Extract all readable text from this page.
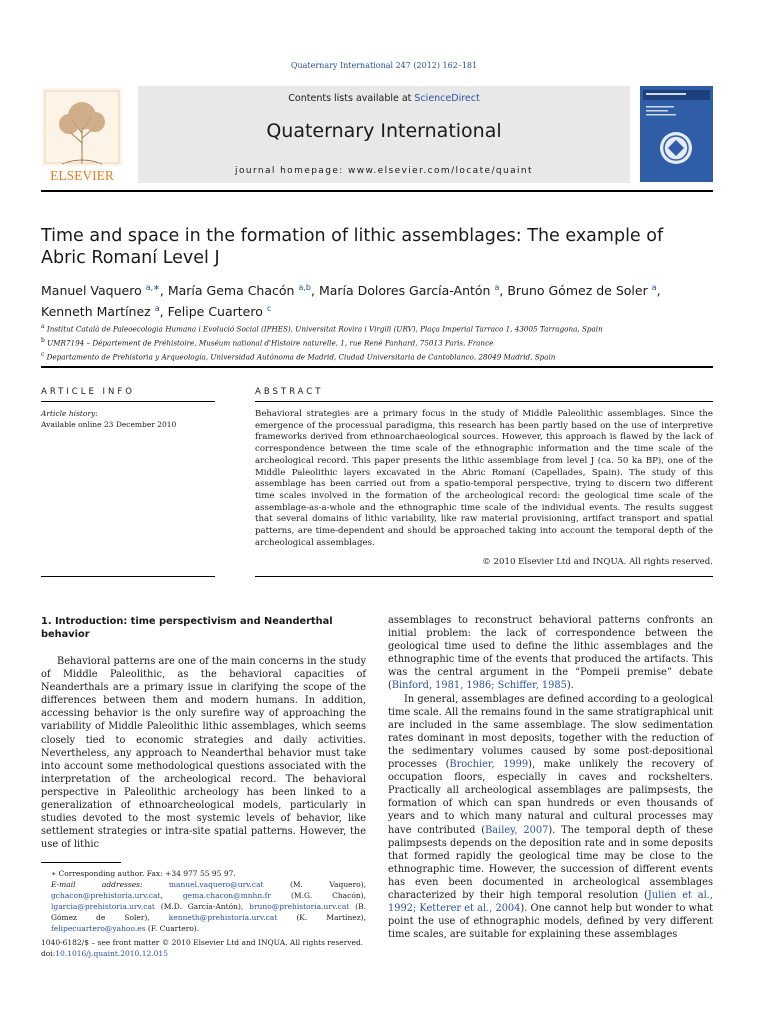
Quaternary International 247 (2012) 162–181
Contents lists available at ScienceDirect
Quaternary International
journal homepage: www.elsevier.com/locate/quaint
ELSEVIER
Time and space in the formation of lithic assemblages: The example of Abric Romaní Level J
Manuel Vaquero $^{a,∗}$, María Gema Chacón $^{a,b}$, María Dolores García-Antón $^a$, Bruno Gómez de Soler $^a$,
Kenneth Martínez $^a$, Felipe Cuartero $^c$
$^a$ Institut Català de Paleoecologia Humana i Evolució Social (IPHES), Universitat Rovira i Virgili (URV), Plaça Imperial Tarraco 1, 43005 Tarragona, Spain
$^b$ UMR7194 – Département de Préhistoire, Muséum national d'Histoire naturelle, 1, rue René Panhard, 75013 Paris, France
$^c$ Departamento de Prehistoria y Arqueología, Universidad Autónoma de Madrid, Ciudad Universitaria de Cantoblanco, 28049 Madrid, Spain
ARTICLE INFO	ABSTRACT
Article history:
Available online 23 December 2010
Behavioral strategies are a primary focus in the study of Middle Paleolithic assemblages. Since the emergence of the processual paradigma, this research has been partly based on the use of interpretive frameworks derived from ethnoarchaeological sources. However, this approach is flawed by the lack of correspondence between the time scale of the ethnographic information and the time scale of the archeological record. This paper presents the lithic assemblage from level J (ca. 50 ka BP), one of the Middle Paleolithic layers excavated in the Abric Romaní (Capellades, Spain). The study of this assemblage has been carried out from a spatio-temporal perspective, trying to discern two different time scales involved in the formation of the archeological record: the geological time scale of the assemblage-as-a-whole and the ethnographic time scale of the individual events. The results suggest that several domains of lithic variability, like raw material provisioning, artifact transport and spatial patterns, are time-dependent and should be approached taking into account the temporal depth of the archeological assemblages.
© 2010 Elsevier Ltd and INQUA. All rights reserved.
1. Introduction: time perspectivism and Neanderthal behavior

Behavioral patterns are one of the main concerns in the study of Middle Paleolithic, as the behavioral capacities of Neanderthals are a primary issue in clarifying the scope of the differences between them and modern humans. In addition, accessing behavior is the only surefire way of approaching the variability of Middle Paleolithic lithic assemblages, which seems closely tied to economic strategies and daily activities. Nevertheless, any approach to Neanderthal behavior must take into account some methodological questions associated with the interpretation of the archeological record. The behavioral perspective in Paleolithic archeology has been linked to a generalization of ethnoarcheological models, particularly in studies devoted to the most systemic levels of behavior, like settlement strategies or intra-site spatial patterns. However, the use of lithic

assemblages to reconstruct behavioral patterns confronts an initial problem: the lack of correspondence between the geological time used to define the lithic assemblages and the ethnographic time of the events that produced the artifacts. This was the central argument in the “Pompeii premise” debate (Binford, 1981, 1986; Schiffer, 1985).

In general, assemblages are defined according to a geological time scale. All the remains found in the same stratigraphical unit are included in the same assemblage. The slow sedimentation rates dominant in most deposits, together with the reduction of the sedimentary volumes caused by some post-depositional processes (Brochier, 1999), make unlikely the recovery of occupation floors, especially in caves and rockshelters. Practically all archeological assemblages are palimpsests, the formation of which can span hundreds or even thousands of years and to which many natural and cultural processes may have contributed (Bailey, 2007). The temporal depth of these palimpsests depends on the deposition rate and in some deposits that formed rapidly the geological time may be close to the ethnographic time. However, the succession of different events has even been documented in archeological assemblages characterized by their high temporal resolution (Julien et al., 1992; Ketterer et al., 2004). One cannot help but wonder to what point the use of ethnographic models, defined by very different time scales, are suitable for explaining these assemblages

∗ Corresponding author. Fax: +34 977 55 95 97.
E-mail addresses: manuel.vaquero@urv.cat (M. Vaquero), gchacon@prehistoria.urv.cat, gema.chacon@mnhn.fr (M.G. Chacón), lgarcia@prehistoria.urv.cat (M.D. García-Antón), bruno@prehistoria.urv.cat (B. Gómez de Soler), kenneth@prehistoria.urv.cat (K. Martínez), felipecuartero@yahoo.es (F. Cuartero).
1040-6182/$ – see front matter © 2010 Elsevier Ltd and INQUA. All rights reserved.
doi:10.1016/j.quaint.2010.12.015
